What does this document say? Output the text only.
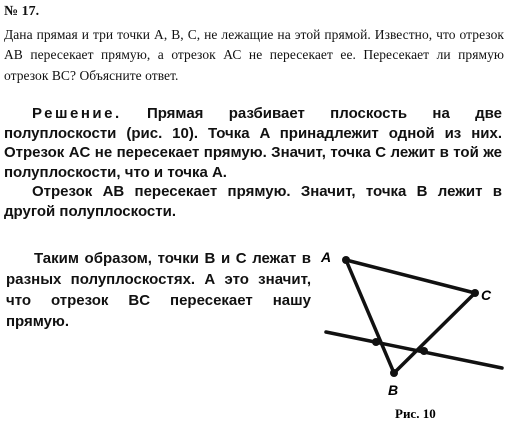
№ 17.
Дана прямая и три точки А, В, С, не лежащие на этой прямой. Известно, что отрезок АВ пересекает прямую, а отрезок АС не пересекает ее. Пересекает ли прямую отрезок ВС? Объясните ответ.

Решение. Прямая разбивает плоскость на две полуплоскости (рис. 10). Точка A принадлежит одной из них. Отрезок AC не пересекает прямую. Значит, точка C лежит в той же полуплоскости, что и точка A.

Отрезок AB пересекает прямую. Значит, точка B лежит в другой полуплоскости.

Таким образом, точки B и C лежат в разных полуплоскостях. А это значит, что отрезок BC пересекает нашу прямую.
A
C
B
Рис. 10
